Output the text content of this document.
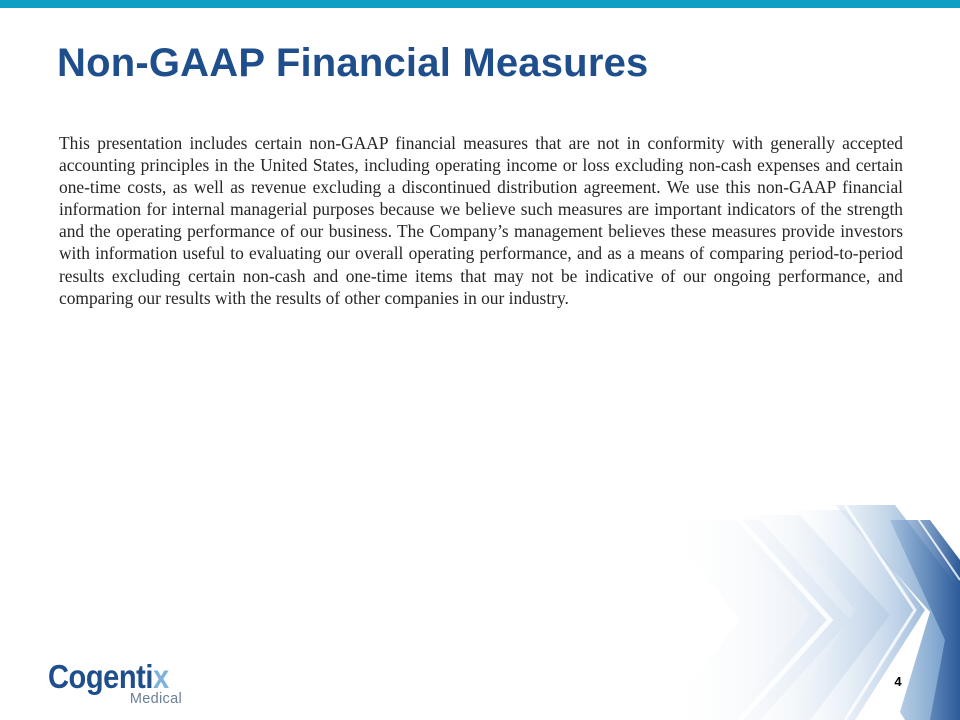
Non-GAAP Financial Measures

This presentation includes certain non-GAAP financial measures that are not in conformity with generally accepted accounting principles in the United States, including operating income or loss excluding non-cash expenses and certain one-time costs, as well as revenue excluding a discontinued distribution agreement. We use this non-GAAP financial information for internal managerial purposes because we believe such measures are important indicators of the strength and the operating performance of our business. The Company’s management believes these measures provide investors with information useful to evaluating our overall operating performance, and as a means of comparing period-to-period results excluding certain non-cash and one-time items that may not be indicative of our ongoing performance, and comparing our results with the results of other companies in our industry.

Cogentix
Medical
4
